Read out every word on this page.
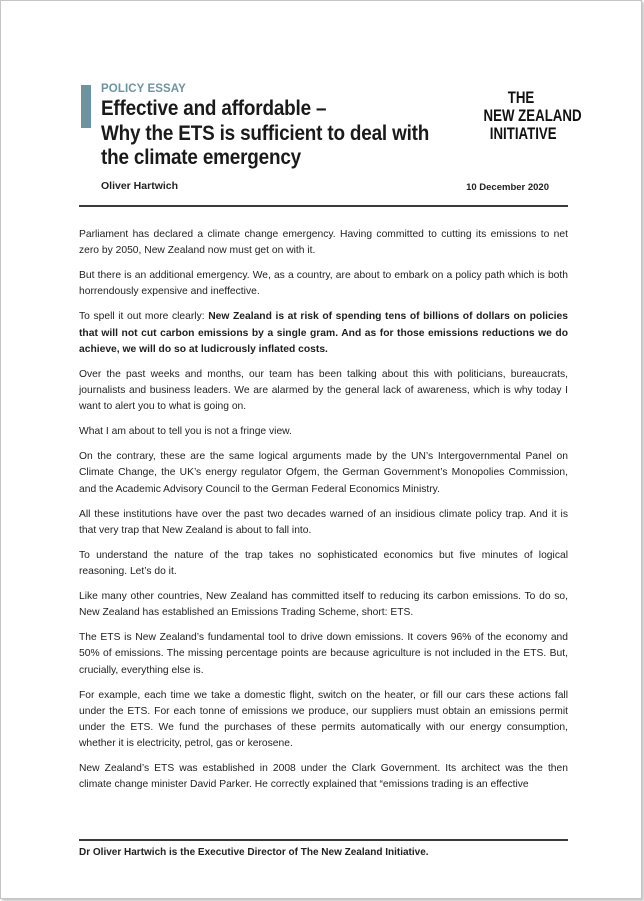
POLICY ESSAY
Effective and affordable –
Why the ETS is sufficient to deal with
the climate emergency
THE
NEW ZEALAND
INITIATIVE
Oliver Hartwich	10 December 2020

Parliament has declared a climate change emergency. Having committed to cutting its emissions to net zero by 2050, New Zealand now must get on with it.

But there is an additional emergency. We, as a country, are about to embark on a policy path which is both horrendously expensive and ineffective.

To spell it out more clearly: New Zealand is at risk of spending tens of billions of dollars on policies that will not cut carbon emissions by a single gram. And as for those emissions reductions we do achieve, we will do so at ludicrously inflated costs.

Over the past weeks and months, our team has been talking about this with politicians, bureaucrats, journalists and business leaders. We are alarmed by the general lack of awareness, which is why today I want to alert you to what is going on.

What I am about to tell you is not a fringe view.

On the contrary, these are the same logical arguments made by the UN’s Intergovernmental Panel on Climate Change, the UK’s energy regulator Ofgem, the German Government’s Monopolies Commission, and the Academic Advisory Council to the German Federal Economics Ministry.

All these institutions have over the past two decades warned of an insidious climate policy trap. And it is that very trap that New Zealand is about to fall into.

To understand the nature of the trap takes no sophisticated economics but five minutes of logical reasoning. Let’s do it.

Like many other countries, New Zealand has committed itself to reducing its carbon emissions. To do so, New Zealand has established an Emissions Trading Scheme, short: ETS.

The ETS is New Zealand’s fundamental tool to drive down emissions. It covers 96% of the economy and 50% of emissions. The missing percentage points are because agriculture is not included in the ETS. But, crucially, everything else is.

For example, each time we take a domestic flight, switch on the heater, or fill our cars these actions fall under the ETS. For each tonne of emissions we produce, our suppliers must obtain an emissions permit under the ETS. We fund the purchases of these permits automatically with our energy consumption, whether it is electricity, petrol, gas or kerosene.

New Zealand’s ETS was established in 2008 under the Clark Government. Its architect was the then climate change minister David Parker. He correctly explained that “emissions trading is an effective

Dr Oliver Hartwich is the Executive Director of The New Zealand Initiative.
